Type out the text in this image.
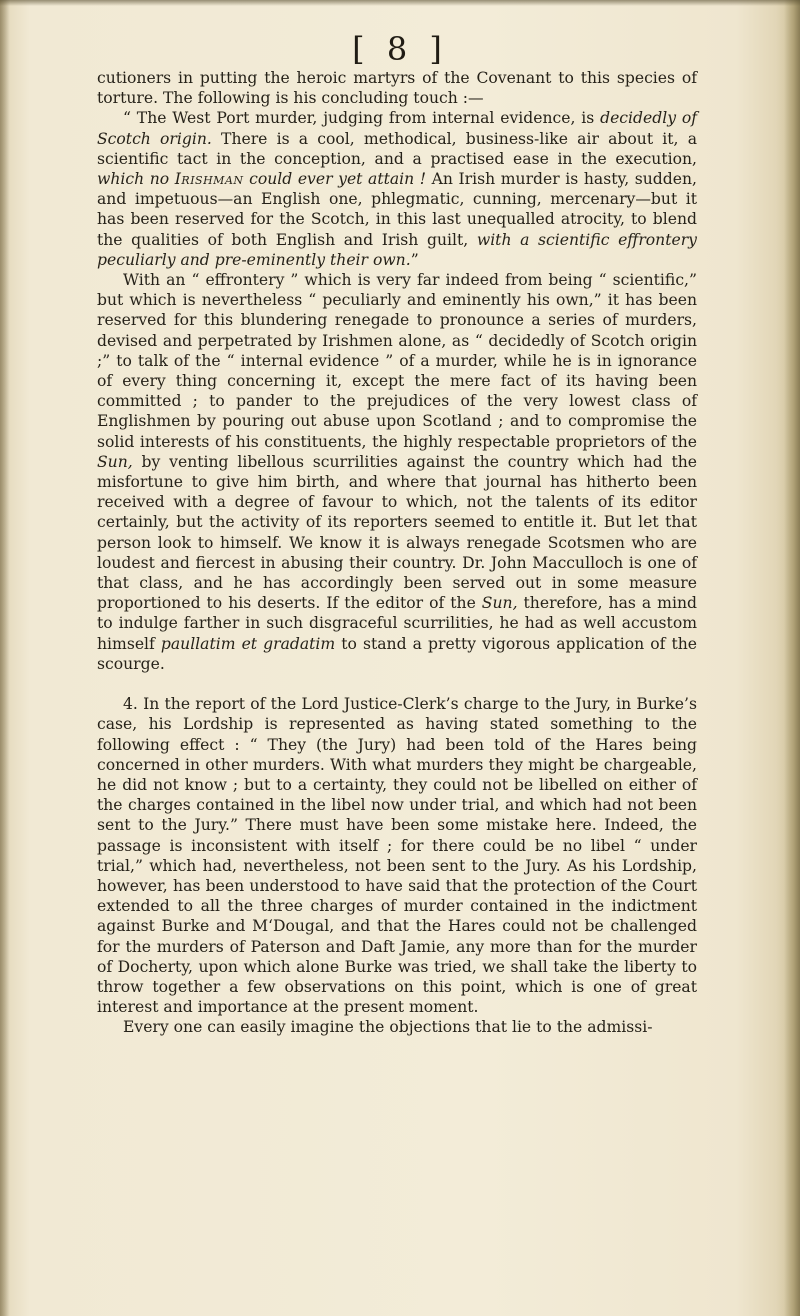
[ 8 ]

cutioners in putting the heroic martyrs of the Covenant to this species of torture. The following is his concluding touch :—

“ The West Port murder, judging from internal evidence, is decidedly of Scotch origin. There is a cool, methodical, business-like air about it, a scientific tact in the conception, and a practised ease in the execution, which no Irishman could ever yet attain ! An Irish murder is hasty, sudden, and impetuous—an English one, phlegmatic, cunning, mercenary—but it has been reserved for the Scotch, in this last unequalled atrocity, to blend the qualities of both English and Irish guilt, with a scientific effrontery peculiarly and pre-eminently their own.”

With an “ effrontery ” which is very far indeed from being “ scientific,” but which is nevertheless “ peculiarly and eminently his own,” it has been reserved for this blundering renegade to pronounce a series of murders, devised and perpetrated by Irishmen alone, as “ decidedly of Scotch origin ;” to talk of the “ internal evidence ” of a murder, while he is in ignorance of every thing concerning it, except the mere fact of its having been committed ; to pander to the prejudices of the very lowest class of Englishmen by pouring out abuse upon Scotland ; and to compromise the solid interests of his constituents, the highly respectable proprietors of the Sun, by venting libellous scurrilities against the country which had the misfortune to give him birth, and where that journal has hitherto been received with a degree of favour to which, not the talents of its editor certainly, but the activity of its reporters seemed to entitle it. But let that person look to himself. We know it is always renegade Scotsmen who are loudest and fiercest in abusing their country. Dr. John Macculloch is one of that class, and he has accordingly been served out in some measure proportioned to his deserts. If the editor of the Sun, therefore, has a mind to indulge farther in such disgraceful scurrilities, he had as well accustom himself paullatim et gradatim to stand a pretty vigorous application of the scourge.

4. In the report of the Lord Justice-Clerk’s charge to the Jury, in Burke’s case, his Lordship is represented as having stated something to the following effect : “ They (the Jury) had been told of the Hares being concerned in other murders. With what murders they might be chargeable, he did not know ; but to a certainty, they could not be libelled on either of the charges contained in the libel now under trial, and which had not been sent to the Jury.” There must have been some mistake here. Indeed, the passage is inconsistent with itself ; for there could be no libel “ under trial,” which had, nevertheless, not been sent to the Jury. As his Lordship, however, has been understood to have said that the protection of the Court extended to all the three charges of murder contained in the indictment against Burke and M‘Dougal, and that the Hares could not be challenged for the murders of Paterson and Daft Jamie, any more than for the murder of Docherty, upon which alone Burke was tried, we shall take the liberty to throw together a few observations on this point, which is one of great interest and importance at the present moment.

Every one can easily imagine the objections that lie to the admissi-
